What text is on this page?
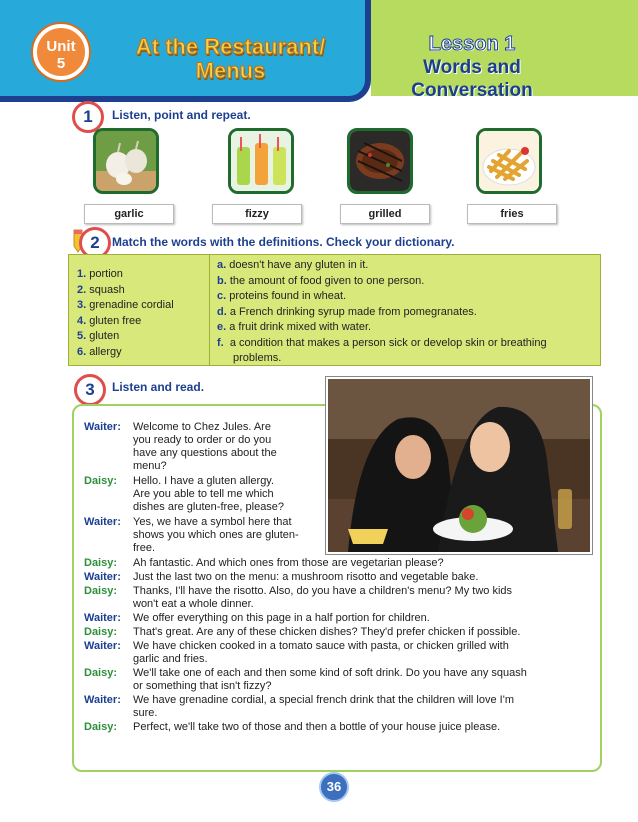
Unit
5
At the Restaurant/
Menus
Lesson 1
Words and Conversation
1	Listen, point and repeat.
garlic	fizzy	grilled	fries
2	Match the words with the definitions. Check your dictionary.
1. portion
2. squash
3. grenadine cordial
4. gluten free
5. gluten
6. allergy
a. doesn't have any gluten in it.
b. the amount of food given to one person.
c. proteins found in wheat.
d. a French drinking syrup made from pomegranates.
e. a fruit drink mixed with water.
f.  a condition that makes a person sick or develop skin or breathing
problems.
3	Listen and read.
Waiter: Welcome to Chez Jules. Are
you ready to order or do you
have any questions about the
menu?
Daisy: Hello. I have a gluten allergy.
Are you able to tell me which
dishes are gluten-free, please?
Waiter: Yes, we have a symbol here that
shows you which ones are gluten-
free.
Daisy: Ah fantastic. And which ones from those are vegetarian please?
Waiter: Just the last two on the menu: a mushroom risotto and vegetable bake.
Daisy: Thanks, I'll have the risotto. Also, do you have a children's menu? My two kids
won't eat a whole dinner.
Waiter: We offer everything on this page in a half portion for children.
Daisy: That's great. Are any of these chicken dishes? They'd prefer chicken if possible.
Waiter: We have chicken cooked in a tomato sauce with pasta, or chicken grilled with
garlic and fries.
Daisy: We'll take one of each and then some kind of soft drink. Do you have any squash
or something that isn't fizzy?
Waiter: We have grenadine cordial, a special french drink that the children will love I'm
sure.
Daisy: Perfect, we'll take two of those and then a bottle of your house juice please.
36
